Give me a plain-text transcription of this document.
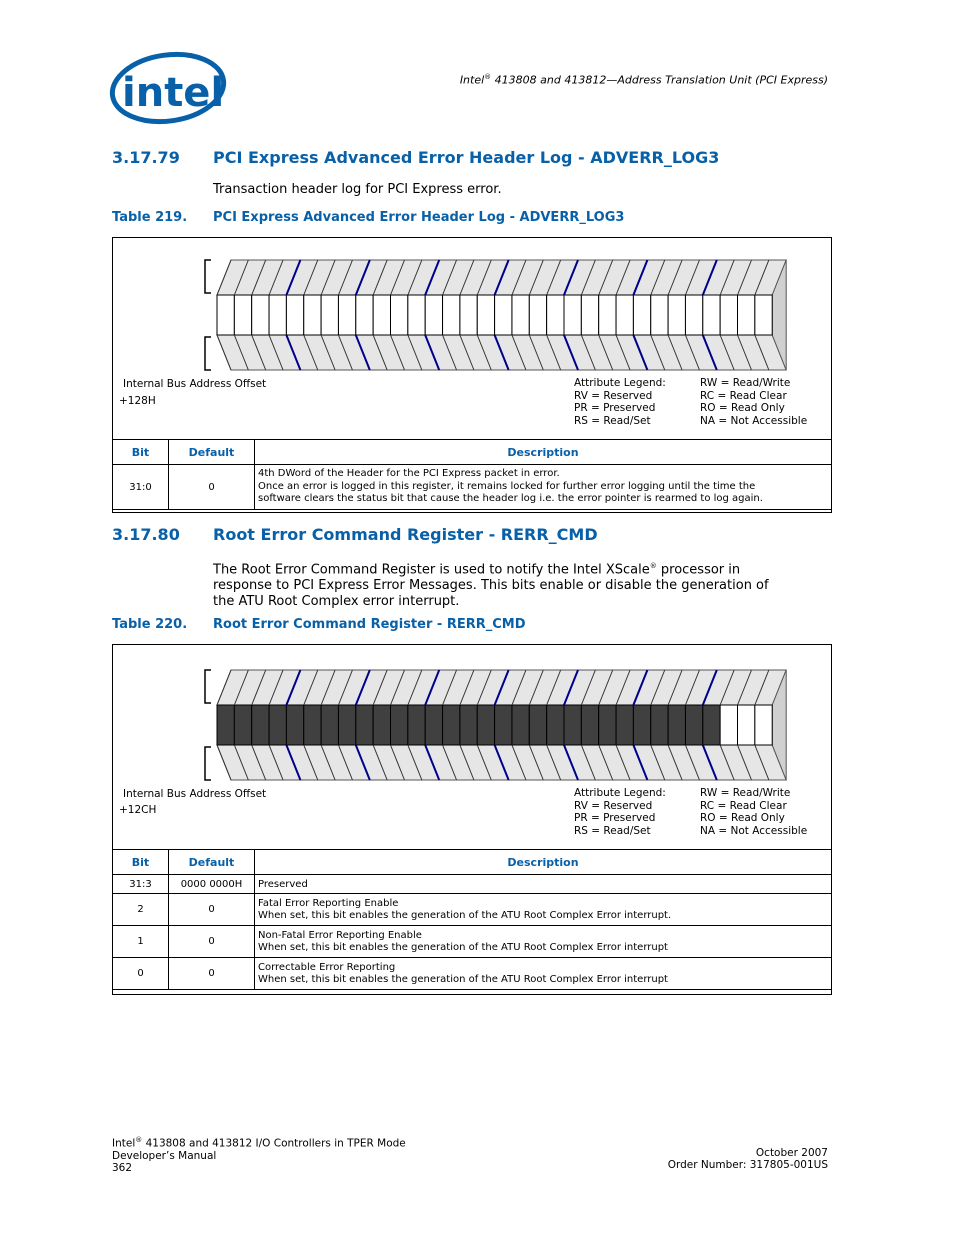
intel	Intel® 413808 and 413812—Address Translation Unit (PCI Express)
3.17.79 PCI Express Advanced Error Header Log - ADVERR_LOG3
Transaction header log for PCI Express error.
Table 219. PCI Express Advanced Error Header Log - ADVERR_LOG3
Internal Bus Address Offset
+128H
Attribute Legend:
RV = Reserved
PR = Preserved
RS = Read/Set
RW = Read/Write
RC = Read Clear
RO = Read Only
NA = Not Accessible
Bit	Default	Description
31:0	0	4th DWord of the Header for the PCI Express packet in error.
Once an error is logged in this register, it remains locked for further error logging until the time the
software clears the status bit that cause the header log i.e. the error pointer is rearmed to log again.
3.17.80 Root Error Command Register - RERR_CMD
The Root Error Command Register is used to notify the Intel XScale® processor in
response to PCI Express Error Messages. This bits enable or disable the generation of
the ATU Root Complex error interrupt.
Table 220. Root Error Command Register - RERR_CMD
Internal Bus Address Offset
+12CH
Attribute Legend:
RV = Reserved
PR = Preserved
RS = Read/Set
RW = Read/Write
RC = Read Clear
RO = Read Only
NA = Not Accessible
Bit	Default	Description
31:3	0000 0000H	Preserved
2	0	Fatal Error Reporting Enable
When set, this bit enables the generation of the ATU Root Complex Error interrupt.

1	0	Non-Fatal Error Reporting Enable
When set, this bit enables the generation of the ATU Root Complex Error interrupt

0	0	Correctable Error Reporting
When set, this bit enables the generation of the ATU Root Complex Error interrupt
Intel® 413808 and 413812 I/O Controllers in TPER Mode
Developer’s Manual
362
October 2007
Order Number: 317805-001US
